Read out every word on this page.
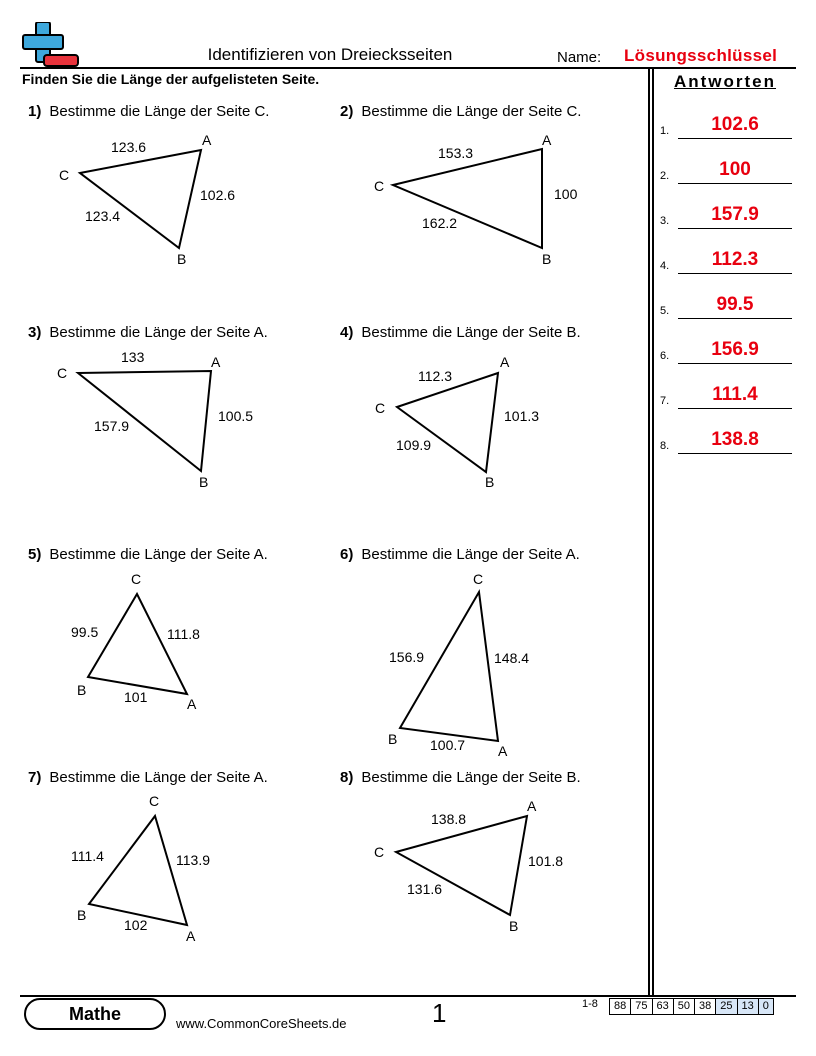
Identifizieren von Dreiecksseiten	Name: Lösungsschlüssel
Finden Sie die Länge der aufgelisteten Seite.	Antworten
1.	102.6
2.	100
3.	157.9
4.	112.3
5.	99.5
6.	156.9
7.	111.4
8.	138.8
1) Bestimme die Länge der Seite C.	2) Bestimme die Länge der Seite C.
3) Bestimme die Länge der Seite A.	4) Bestimme die Länge der Seite B.
5) Bestimme die Länge der Seite A.	6) Bestimme die Länge der Seite A.
7) Bestimme die Länge der Seite A.	8) Bestimme die Länge der Seite B.
A
B
C
123.6
102.6
123.4
A
B
C
153.3
100
162.2
A
B
C
133
100.5
157.9
A
B
C
112.3
101.3
109.9
A
B
C
99.5	111.8
101
A
B
C
156.9	148.4
100.7
A
B
C
111.4	113.9
102
A
B
C
138.8
101.8
131.6
Mathe	www.CommonCoreSheets.de	1	1-8	88 75 63 50 38 25 13 0
